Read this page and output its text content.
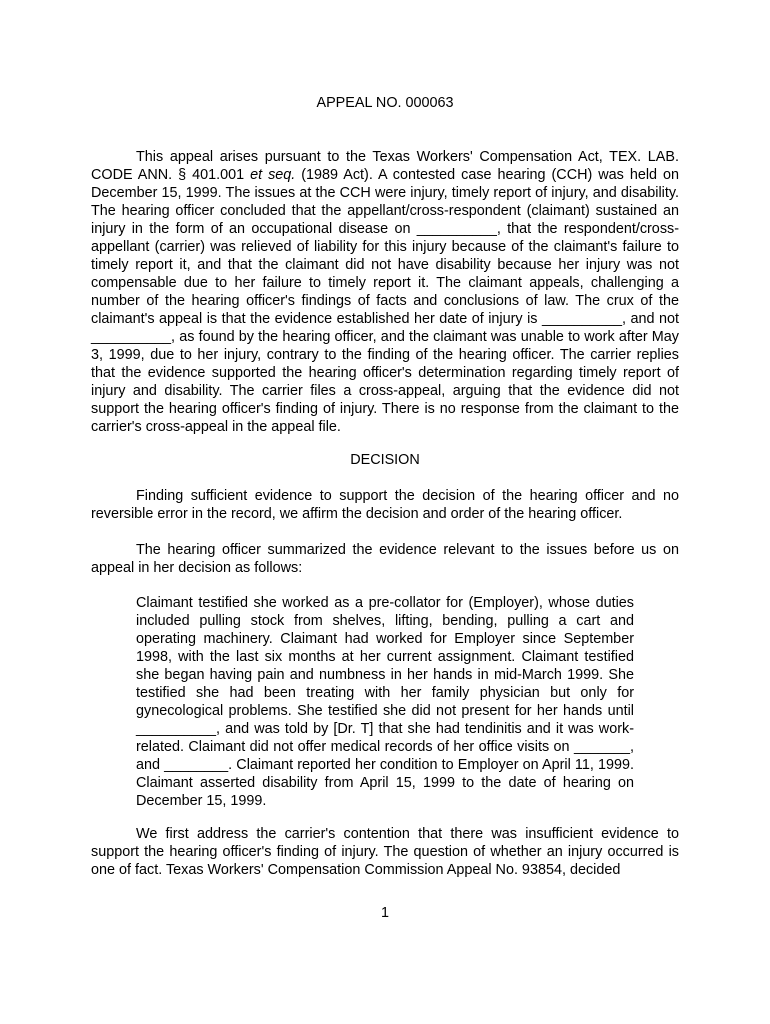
APPEAL NO. 000063

This appeal arises pursuant to the Texas Workers' Compensation Act, TEX. LAB. CODE ANN. § 401.001 et seq. (1989 Act). A contested case hearing (CCH) was held on December 15, 1999. The issues at the CCH were injury, timely report of injury, and disability. The hearing officer concluded that the appellant/cross-respondent (claimant) sustained an injury in the form of an occupational disease on __________, that the respondent/cross-appellant (carrier) was relieved of liability for this injury because of the claimant's failure to timely report it, and that the claimant did not have disability because her injury was not compensable due to her failure to timely report it. The claimant appeals, challenging a number of the hearing officer's findings of facts and conclusions of law. The crux of the claimant's appeal is that the evidence established her date of injury is __________, and not __________, as found by the hearing officer, and the claimant was unable to work after May 3, 1999, due to her injury, contrary to the finding of the hearing officer. The carrier replies that the evidence supported the hearing officer's determination regarding timely report of injury and disability. The carrier files a cross-appeal, arguing that the evidence did not support the hearing officer's finding of injury. There is no response from the claimant to the carrier's cross-appeal in the appeal file.

DECISION

Finding sufficient evidence to support the decision of the hearing officer and no reversible error in the record, we affirm the decision and order of the hearing officer.

The hearing officer summarized the evidence relevant to the issues before us on appeal in her decision as follows:

Claimant testified she worked as a pre-collator for (Employer), whose duties included pulling stock from shelves, lifting, bending, pulling a cart and operating machinery. Claimant had worked for Employer since September 1998, with the last six months at her current assignment. Claimant testified she began having pain and numbness in her hands in mid-March 1999. She testified she had been treating with her family physician but only for gynecological problems. She testified she did not present for her hands until __________, and was told by [Dr. T] that she had tendinitis and it was work-related. Claimant did not offer medical records of her office visits on _______, and ________. Claimant reported her condition to Employer on April 11, 1999. Claimant asserted disability from April 15, 1999 to the date of hearing on December 15, 1999.

We first address the carrier's contention that there was insufficient evidence to support the hearing officer's finding of injury. The question of whether an injury occurred is one of fact. Texas Workers' Compensation Commission Appeal No. 93854, decided

1
